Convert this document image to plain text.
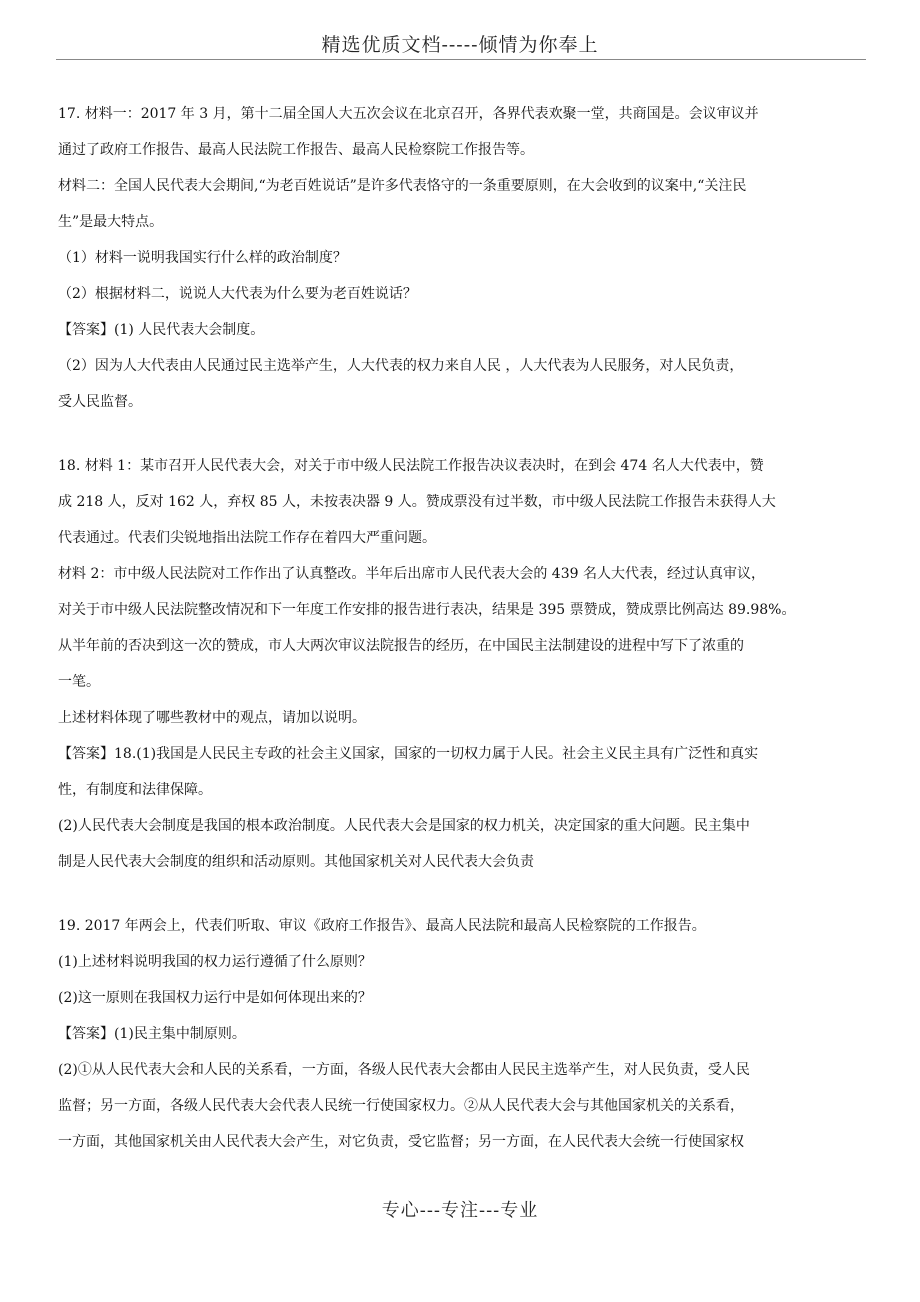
精选优质文档-----倾情为你奉上
17. 材料一：2017 年 3 月，第十二届全国人大五次会议在北京召开，各界代表欢聚一堂，共商国是。会议审议并
通过了政府工作报告、最高人民法院工作报告、最高人民检察院工作报告等。
材料二：全国人民代表大会期间,“为老百姓说话”是许多代表恪守的一条重要原则，在大会收到的议案中,“关注民
生”是最大特点。
（1）材料一说明我国实行什么样的政治制度？
（2）根据材料二，说说人大代表为什么要为老百姓说话？
【答案】(1) 人民代表大会制度。
（2）因为人大代表由人民通过民主选举产生，人大代表的权力来自人民 ，人大代表为人民服务，对人民负责，
受人民监督。
18. 材料 1：某市召开人民代表大会，对关于市中级人民法院工作报告决议表决时，在到会 474 名人大代表中，赞
成 218 人，反对 162 人，弃权 85 人，未按表决器 9 人。赞成票没有过半数，市中级人民法院工作报告未获得人大
代表通过。代表们尖锐地指出法院工作存在着四大严重问题。
材料 2：市中级人民法院对工作作出了认真整改。半年后出席市人民代表大会的 439 名人大代表，经过认真审议，
对关于市中级人民法院整改情况和下一年度工作安排的报告进行表决，结果是 395 票赞成，赞成票比例高达 89.98%。
从半年前的否决到这一次的赞成，市人大两次审议法院报告的经历，在中国民主法制建设的进程中写下了浓重的
一笔。
上述材料体现了哪些教材中的观点，请加以说明。
【答案】18.(1)我国是人民民主专政的社会主义国家，国家的一切权力属于人民。社会主义民主具有广泛性和真实
性，有制度和法律保障。
(2)人民代表大会制度是我国的根本政治制度。人民代表大会是国家的权力机关，决定国家的重大问题。民主集中
制是人民代表大会制度的组织和活动原则。其他国家机关对人民代表大会负责
19. 2017 年两会上，代表们听取、审议《政府工作报告》、最高人民法院和最高人民检察院的工作报告。
(1)上述材料说明我国的权力运行遵循了什么原则？
(2)这一原则在我国权力运行中是如何体现出来的？
【答案】(1)民主集中制原则。
(2)①从人民代表大会和人民的关系看，一方面，各级人民代表大会都由人民民主选举产生，对人民负责，受人民
监督；另一方面，各级人民代表大会代表人民统一行使国家权力。②从人民代表大会与其他国家机关的关系看，
一方面，其他国家机关由人民代表大会产生，对它负责，受它监督；另一方面，在人民代表大会统一行使国家权
专心---专注---专业
